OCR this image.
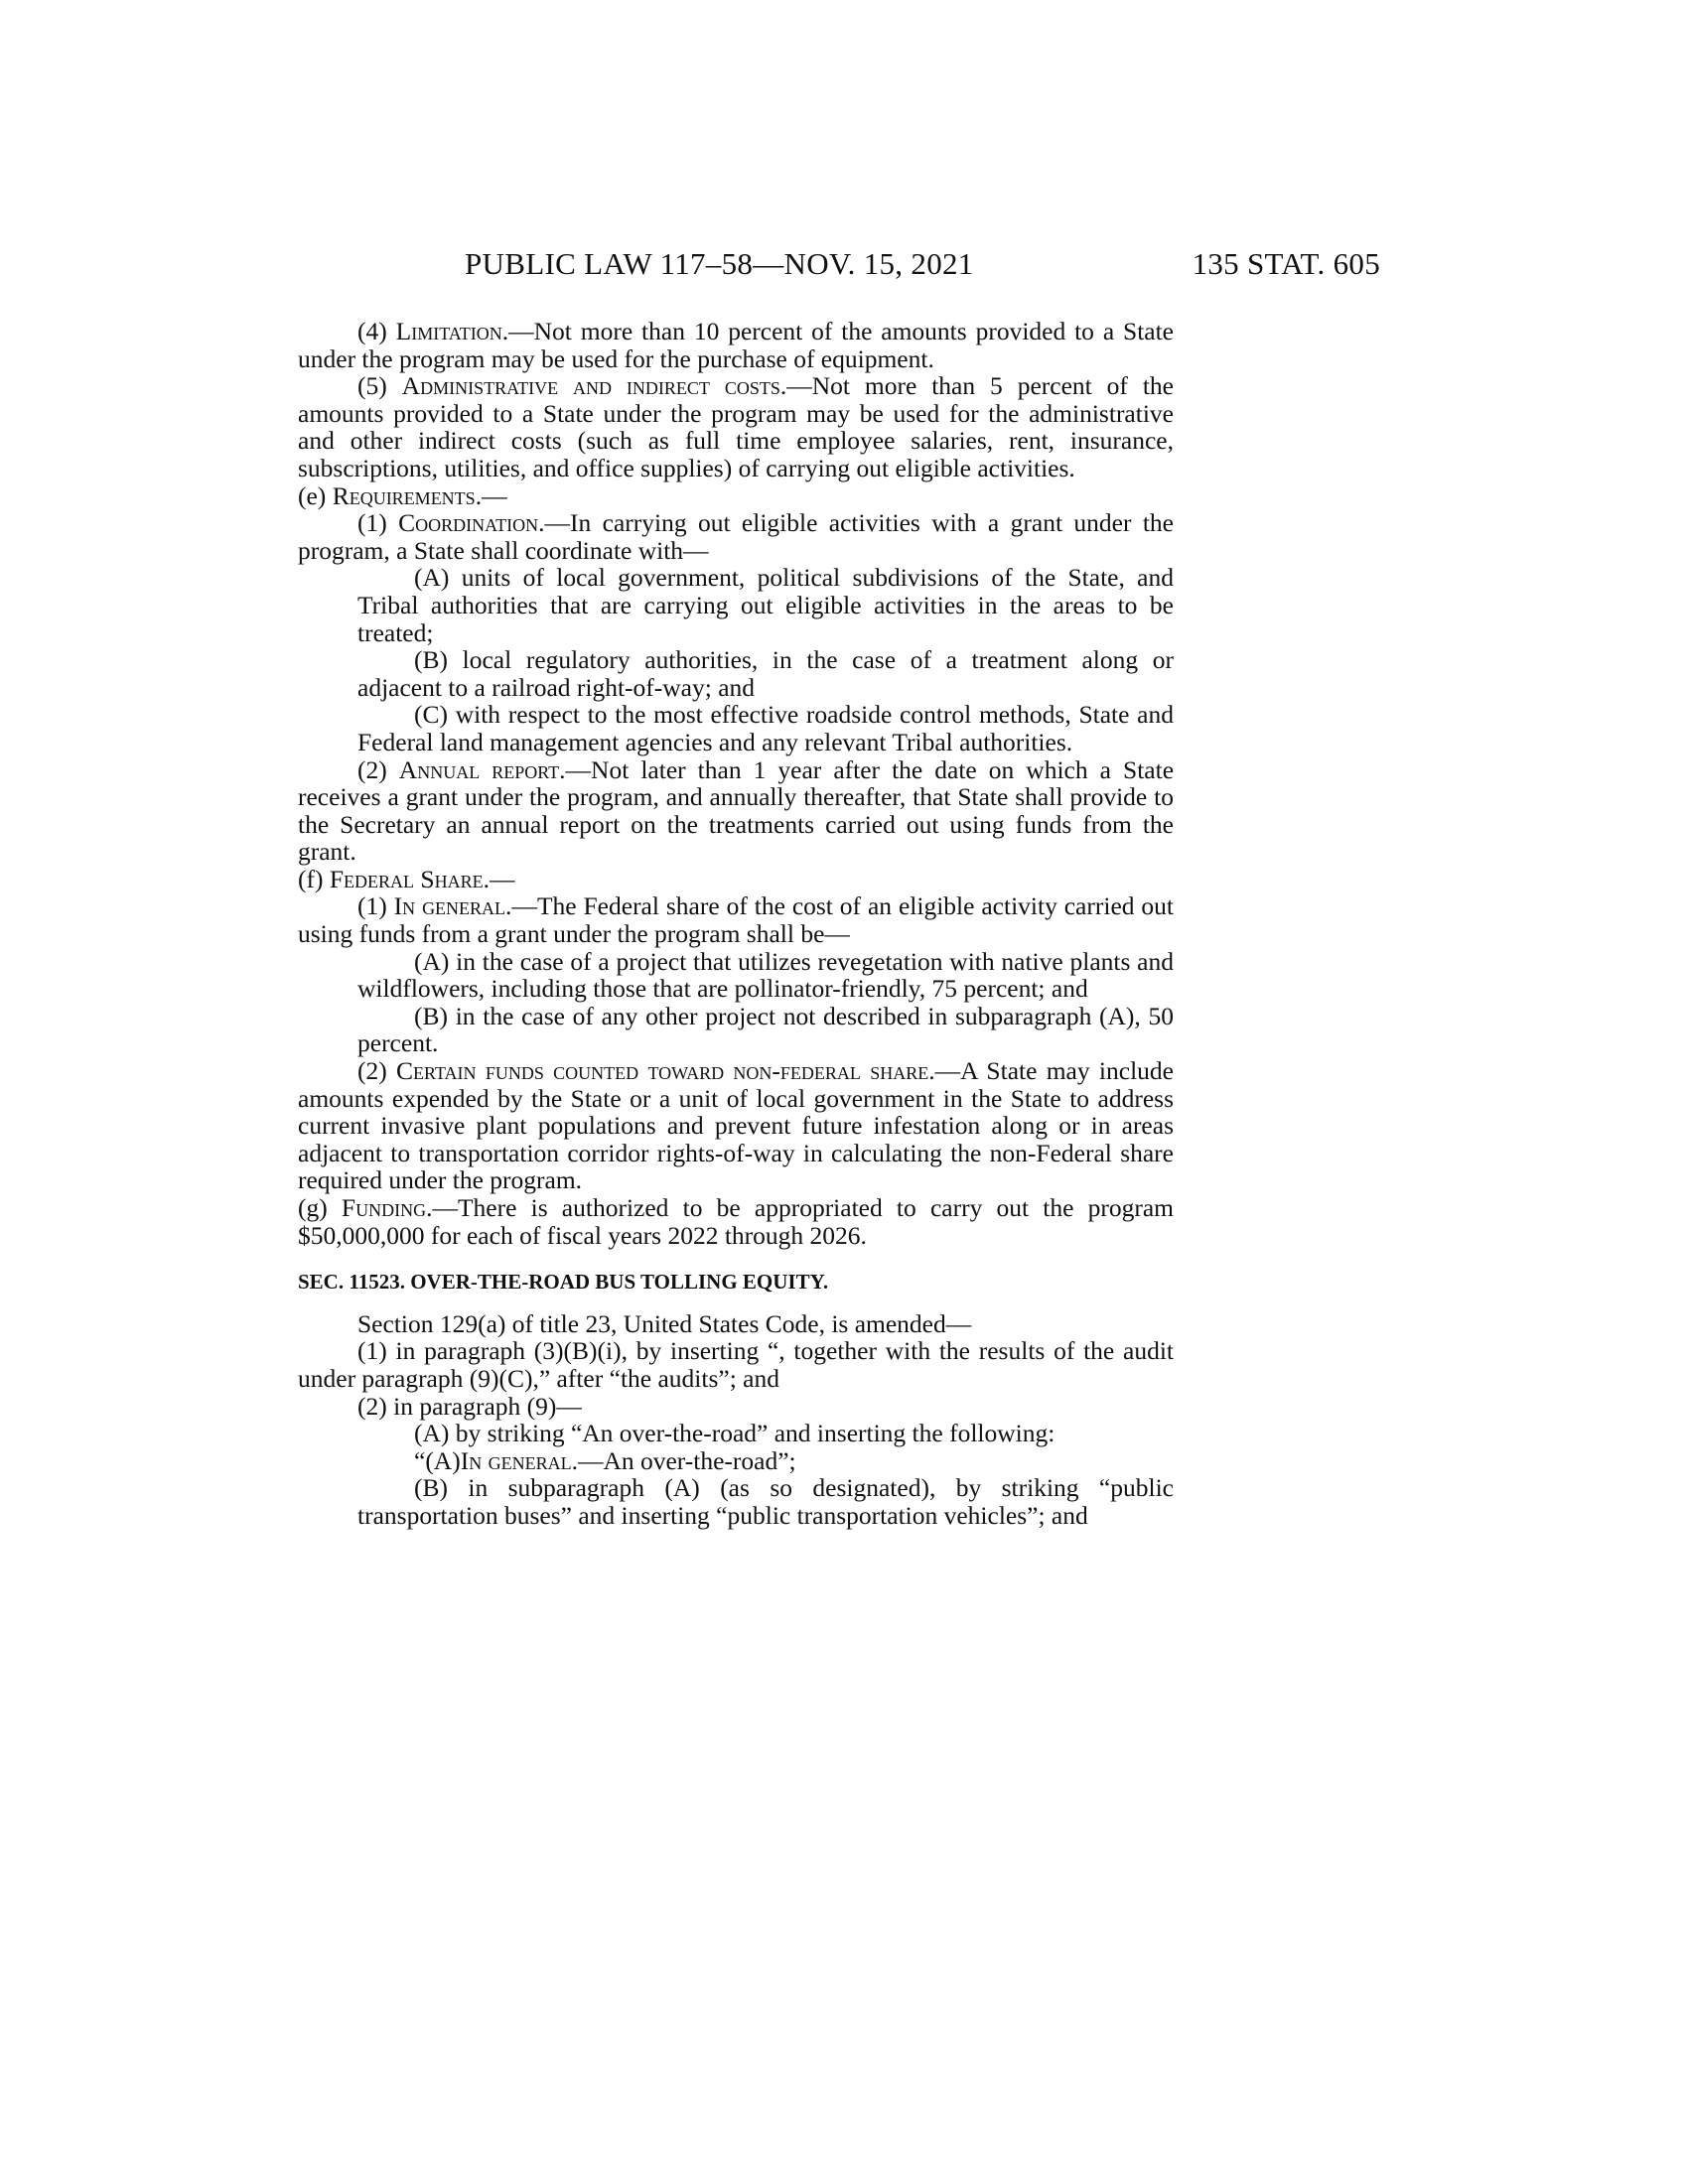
PUBLIC LAW 117–58—NOV. 15, 2021	135 STAT. 605

(4) Limitation.—Not more than 10 percent of the amounts provided to a State under the program may be used for the purchase of equipment.

(5) Administrative and indirect costs.—Not more than 5 percent of the amounts provided to a State under the program may be used for the administrative and other indirect costs (such as full time employee salaries, rent, insurance, subscriptions, utilities, and office supplies) of carrying out eligible activities.

(e) Requirements.—

(1) Coordination.—In carrying out eligible activities with a grant under the program, a State shall coordinate with—

(A) units of local government, political subdivisions of the State, and Tribal authorities that are carrying out eligible activities in the areas to be treated;

(B) local regulatory authorities, in the case of a treatment along or adjacent to a railroad right-of-way; and

(C) with respect to the most effective roadside control methods, State and Federal land management agencies and any relevant Tribal authorities.

(2) Annual report.—Not later than 1 year after the date on which a State receives a grant under the program, and annually thereafter, that State shall provide to the Secretary an annual report on the treatments carried out using funds from the grant.

(f) Federal Share.—

(1) In general.—The Federal share of the cost of an eligible activity carried out using funds from a grant under the program shall be—

(A) in the case of a project that utilizes revegetation with native plants and wildflowers, including those that are pollinator-friendly, 75 percent; and

(B) in the case of any other project not described in subparagraph (A), 50 percent.

(2) Certain funds counted toward non-federal share.—A State may include amounts expended by the State or a unit of local government in the State to address current invasive plant populations and prevent future infestation along or in areas adjacent to transportation corridor rights-of-way in calculating the non-Federal share required under the program.

(g) Funding.—There is authorized to be appropriated to carry out the program $50,000,000 for each of fiscal years 2022 through 2026.

SEC. 11523. OVER-THE-ROAD BUS TOLLING EQUITY.

Section 129(a) of title 23, United States Code, is amended—

(1) in paragraph (3)(B)(i), by inserting “, together with the results of the audit under paragraph (9)(C),” after “the audits”; and

(2) in paragraph (9)—

(A) by striking “An over-the-road” and inserting the following:

“(A)In general.—An over-the-road”;

(B) in subparagraph (A) (as so designated), by striking “public transportation buses” and inserting “public transportation vehicles”; and
